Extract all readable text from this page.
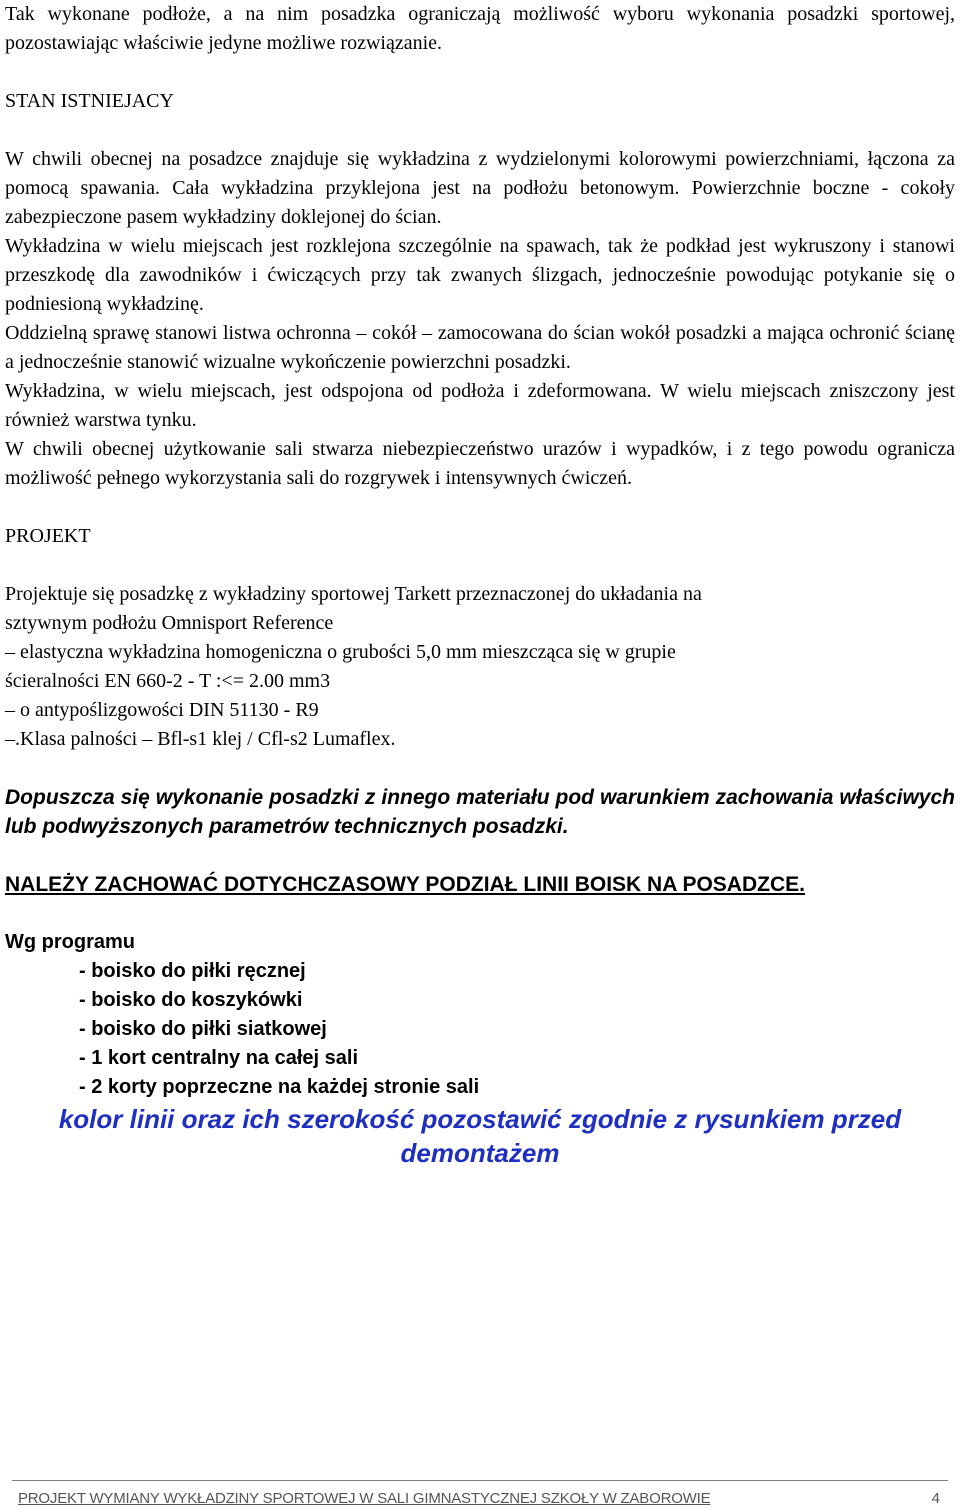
Tak wykonane podłoże, a na nim posadzka ograniczają możliwość wyboru wykonania posadzki sportowej, pozostawiając właściwie jedyne możliwe rozwiązanie.

STAN ISTNIEJACY

W chwili obecnej na posadzce znajduje się wykładzina z wydzielonymi kolorowymi powierzchniami, łączona za pomocą spawania. Cała wykładzina przyklejona jest na podłożu betonowym. Powierzchnie boczne - cokoły zabezpieczone pasem wykładziny doklejonej do ścian.

Wykładzina w wielu miejscach jest rozklejona szczególnie na spawach, tak że podkład jest wykruszony i stanowi przeszkodę dla zawodników i ćwiczących przy tak zwanych ślizgach, jednocześnie powodując potykanie się o podniesioną wykładzinę.

Oddzielną sprawę stanowi listwa ochronna – cokół – zamocowana do ścian wokół posadzki a mająca ochronić ścianę a jednocześnie stanowić wizualne wykończenie powierzchni posadzki.

Wykładzina, w wielu miejscach, jest odspojona od podłoża i zdeformowana. W wielu miejscach zniszczony jest również warstwa tynku.

W chwili obecnej użytkowanie sali stwarza niebezpieczeństwo urazów i wypadków, i z tego powodu ogranicza możliwość pełnego wykorzystania sali do rozgrywek i intensywnych ćwiczeń.

PROJEKT

Projektuje się posadzkę z wykładziny sportowej Tarkett przeznaczonej do układania na

sztywnym podłożu Omnisport Reference

– elastyczna wykładzina homogeniczna o grubości 5,0 mm mieszcząca się w grupie

ścieralności EN 660-2 - T :<= 2.00 mm3

– o antypoślizgowości DIN 51130 - R9

–.Klasa palności – Bfl-s1 klej / Cfl-s2 Lumaflex.

Dopuszcza się wykonanie posadzki z innego materiału pod warunkiem zachowania właściwych lub podwyższonych parametrów technicznych posadzki.

NALEŻY ZACHOWAĆ DOTYCHCZASOWY PODZIAŁ LINII BOISK NA POSADZCE.

Wg programu

- boisko do piłki ręcznej
- boisko do koszykówki
- boisko do piłki siatkowej
- 1 kort centralny na całej sali
- 2 korty poprzeczne na każdej stronie sali

kolor linii oraz ich szerokość pozostawić zgodnie z rysunkiem przed demontażem

PROJEKT WYMIANY WYKŁADZINY SPORTOWEJ W SALI GIMNASTYCZNEJ SZKOŁY W ZABOROWIE	4
